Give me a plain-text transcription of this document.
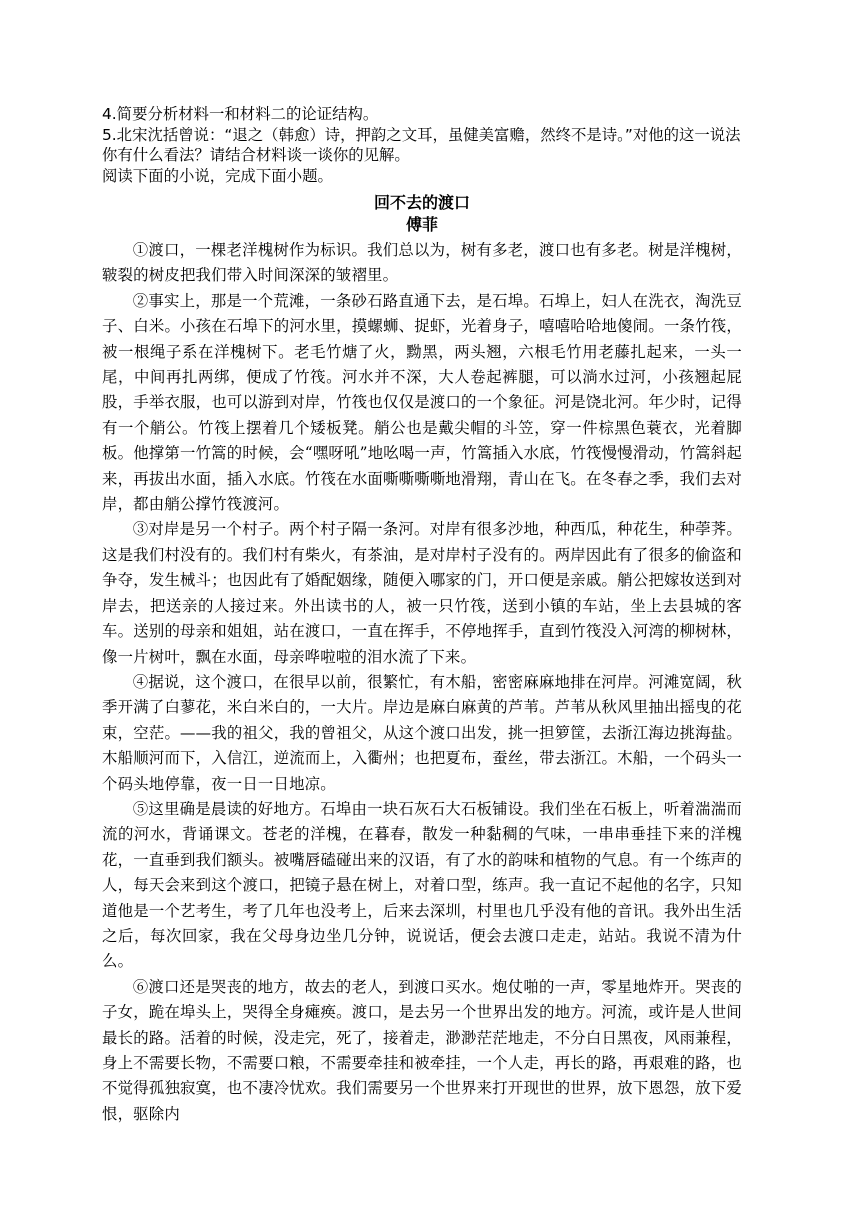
4.简要分析材料一和材料二的论证结构。

5.北宋沈括曾说：“退之（韩愈）诗，押韵之文耳，虽健美富赡，然终不是诗。”对他的这一说法你有什么看法？请结合材料谈一谈你的见解。

阅读下面的小说，完成下面小题。

回不去的渡口
傅菲

①渡口，一棵老洋槐树作为标识。我们总以为，树有多老，渡口也有多老。树是洋槐树，皲裂的树皮把我们带入时间深深的皱褶里。

②事实上，那是一个荒滩，一条砂石路直通下去，是石埠。石埠上，妇人在洗衣，淘洗豆子、白米。小孩在石埠下的河水里，摸螺蛳、捉虾，光着身子，嘻嘻哈哈地傻闹。一条竹筏，被一根绳子系在洋槐树下。老毛竹煻了火，黝黑，两头翘，六根毛竹用老藤扎起来，一头一尾，中间再扎两绑，便成了竹筏。河水并不深，大人卷起裤腿，可以淌水过河，小孩翘起屁股，手举衣服，也可以游到对岸，竹筏也仅仅是渡口的一个象征。河是饶北河。年少时，记得有一个艄公。竹筏上摆着几个矮板凳。艄公也是戴尖帽的斗笠，穿一件棕黑色蓑衣，光着脚板。他撑第一竹篙的时候，会“嘿呀吼”地吆喝一声，竹篙插入水底，竹筏慢慢滑动，竹篙斜起来，再拔出水面，插入水底。竹筏在水面嘶嘶嘶嘶地滑翔，青山在飞。在冬春之季，我们去对岸，都由艄公撑竹筏渡河。

③对岸是另一个村子。两个村子隔一条河。对岸有很多沙地，种西瓜，种花生，种荸荠。这是我们村没有的。我们村有柴火，有茶油，是对岸村子没有的。两岸因此有了很多的偷盗和争夺，发生械斗；也因此有了婚配姻缘，随便入哪家的门，开口便是亲戚。艄公把嫁妆送到对岸去，把送亲的人接过来。外出读书的人，被一只竹筏，送到小镇的车站，坐上去县城的客车。送别的母亲和姐姐，站在渡口，一直在挥手，不停地挥手，直到竹筏没入河湾的柳树林，像一片树叶，飘在水面，母亲哗啦啦的泪水流了下来。

④据说，这个渡口，在很早以前，很繁忙，有木船，密密麻麻地排在河岸。河滩宽阔，秋季开满了白蓼花，米白米白的，一大片。岸边是麻白麻黄的芦苇。芦苇从秋风里抽出摇曳的花束，空茫。——我的祖父，我的曾祖父，从这个渡口出发，挑一担箩筐，去浙江海边挑海盐。木船顺河而下，入信江，逆流而上，入衢州；也把夏布，蚕丝，带去浙江。木船，一个码头一个码头地停靠，夜一日一日地凉。

⑤这里确是晨读的好地方。石埠由一块石灰石大石板铺设。我们坐在石板上，听着湍湍而流的河水，背诵课文。苍老的洋槐，在暮春，散发一种黏稠的气味，一串串垂挂下来的洋槐花，一直垂到我们额头。被嘴唇磕碰出来的汉语，有了水的韵味和植物的气息。有一个练声的人，每天会来到这个渡口，把镜子悬在树上，对着口型，练声。我一直记不起他的名字，只知道他是一个艺考生，考了几年也没考上，后来去深圳，村里也几乎没有他的音讯。我外出生活之后，每次回家，我在父母身边坐几分钟，说说话，便会去渡口走走，站站。我说不清为什么。

⑥渡口还是哭丧的地方，故去的老人，到渡口买水。炮仗啪的一声，零星地炸开。哭丧的子女，跪在埠头上，哭得全身瘫痪。渡口，是去另一个世界出发的地方。河流，或许是人世间最长的路。活着的时候，没走完，死了，接着走，渺渺茫茫地走，不分白日黑夜，风雨兼程，身上不需要长物，不需要口粮，不需要牵挂和被牵挂，一个人走，再长的路，再艰难的路，也不觉得孤独寂寞，也不凄冷忧欢。我们需要另一个世界来打开现世的世界，放下恩怨，放下爱恨，驱除内
